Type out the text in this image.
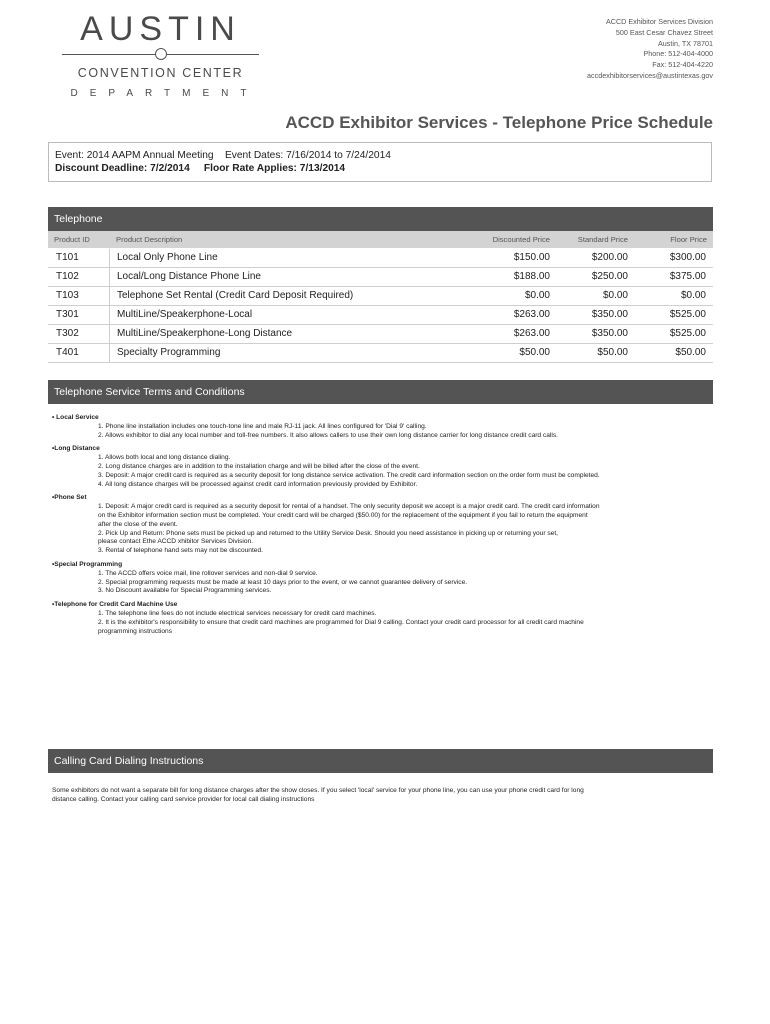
AUSTIN
CONVENTION CENTER
DEPARTMENT
ACCD Exhibitor Services Division
500 East Cesar Chavez Street
Austin, TX 78701
Phone: 512-404-4000
Fax: 512-404-4220
accdexhibitorservices@austintexas.gov
ACCD Exhibitor Services - Telephone Price Schedule
Event: 2014 AAPM Annual Meeting Event Dates: 7/16/2014 to 7/24/2014
Discount Deadline: 7/2/2014 Floor Rate Applies: 7/13/2014
Telephone
Product ID	Product Description	Discounted Price	Standard Price	Floor Price
T101	Local Only Phone Line	$150.00	$200.00	$300.00
T102	Local/Long Distance Phone Line	$188.00	$250.00	$375.00
T103	Telephone Set Rental (Credit Card Deposit Required)	$0.00	$0.00	$0.00
T301	MultiLine/Speakerphone-Local	$263.00	$350.00	$525.00
T302	MultiLine/Speakerphone-Long Distance	$263.00	$350.00	$525.00
T401	Specialty Programming	$50.00	$50.00	$50.00
Telephone Service Terms and Conditions
• Local Service
1. Phone line installation includes one touch-tone line and male RJ-11 jack. All lines configured for 'Dial 9' calling.
2. Allows exhibitor to dial any local number and toll-free numbers. It also allows callers to use their own long distance carrier for long distance credit card calls.
•Long Distance
1. Allows both local and long distance dialing.
2. Long distance charges are in addition to the installation charge and will be billed after the close of the event.
3. Deposit: A major credit card is required as a security deposit for long distance service activation. The credit card information section on the order form must be completed.
4. All long distance charges will be processed against credit card information previously provided by Exhibitor.
•Phone Set
1. Deposit: A major credit card is required as a security deposit for rental of a handset. The only security deposit we accept is a major credit card. The credit card information
on the Exhibitor information section must be completed. Your credit card will be charged ($50.00) for the replacement of the equipment if you fail to return the equipment
after the close of the event.
2. Pick Up and Return: Phone sets must be picked up and returned to the Utility Service Desk. Should you need assistance in picking up or returning your set,
please contact Ethe ACCD xhibitor Services Division.
3. Rental of telephone hand sets may not be discounted.
•Special Programming
1. The ACCD offers voice mail, line rollover services and non-dial 9 service.
2. Special programming requests must be made at least 10 days prior to the event, or we cannot guarantee delivery of service.
3. No Discount available for Special Programming services.
•Telephone for Credit Card Machine Use
1. The telephone line fees do not include electrical services necessary for credit card machines.
2. It is the exhibitor's responsibility to ensure that credit card machines are programmed for Dial 9 calling. Contact your credit card processor for all credit card machine
programming instructions
Calling Card Dialing Instructions
Some exhibitors do not want a separate bill for long distance charges after the show closes. If you select 'local' service for your phone line, you can use your phone credit card for long
distance calling. Contact your calling card service provider for local call dialing instructions
